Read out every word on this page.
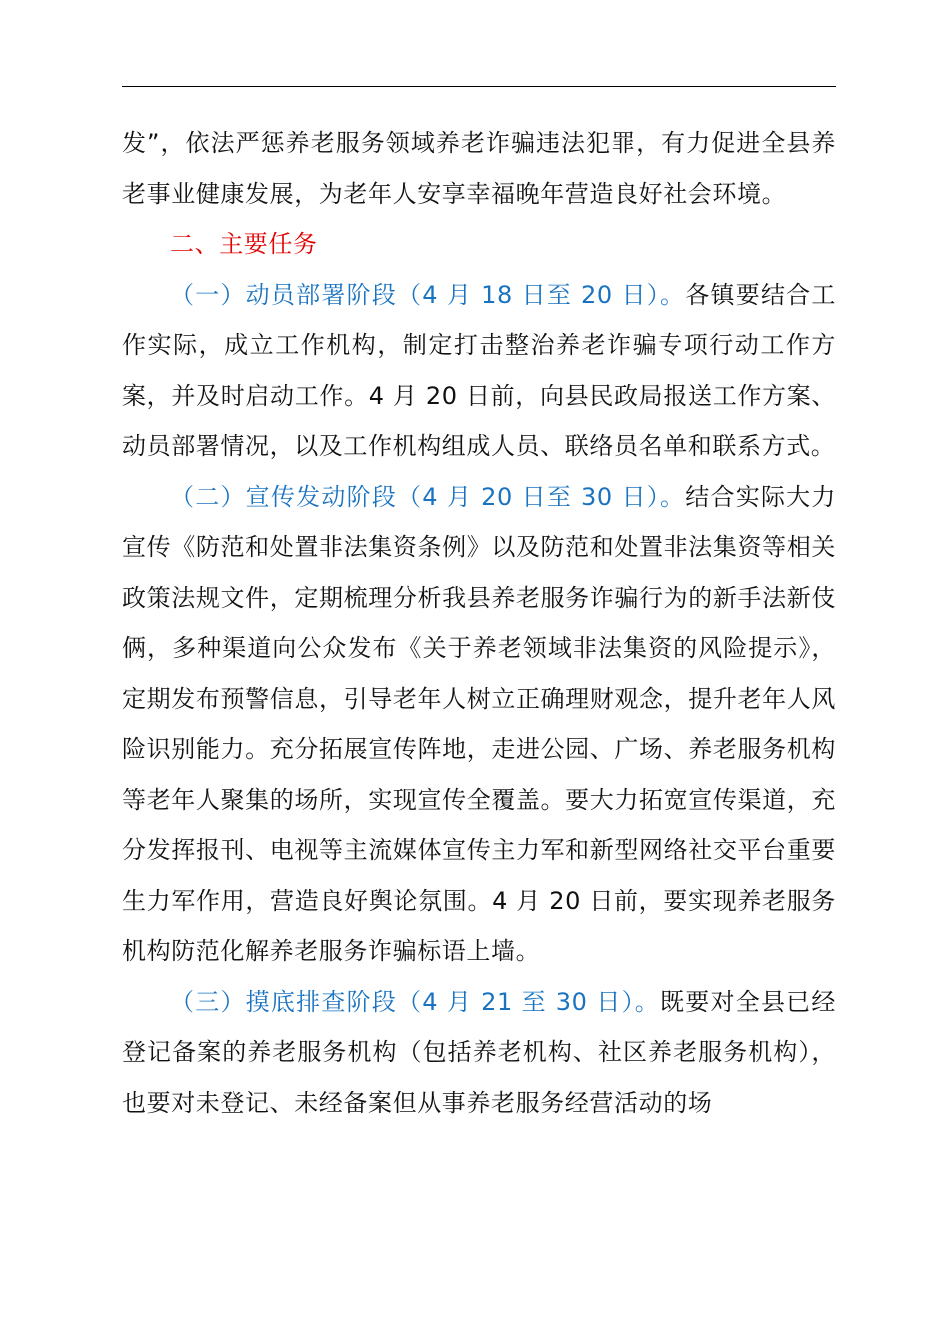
发”，依法严惩养老服务领域养老诈骗违法犯罪，有力促进全县养老事业健康发展，为老年人安享幸福晚年营造良好社会环境。

二、主要任务

（一）动员部署阶段（4 月 18 日至 20 日）。各镇要结合工作实际，成立工作机构，制定打击整治养老诈骗专项行动工作方案，并及时启动工作。4 月 20 日前，向县民政局报送工作方案、动员部署情况，以及工作机构组成人员、联络员名单和联系方式。

（二）宣传发动阶段（4 月 20 日至 30 日）。结合实际大力宣传《防范和处置非法集资条例》以及防范和处置非法集资等相关政策法规文件，定期梳理分析我县养老服务诈骗行为的新手法新伎俩，多种渠道向公众发布《关于养老领域非法集资的风险提示》，定期发布预警信息，引导老年人树立正确理财观念，提升老年人风险识别能力。充分拓展宣传阵地，走进公园、广场、养老服务机构等老年人聚集的场所，实现宣传全覆盖。要大力拓宽宣传渠道，充分发挥报刊、电视等主流媒体宣传主力军和新型网络社交平台重要生力军作用，营造良好舆论氛围。4 月 20 日前，要实现养老服务机构防范化解养老服务诈骗标语上墙。

（三）摸底排查阶段（4 月 21 至 30 日）。既要对全县已经登记备案的养老服务机构（包括养老机构、社区养老服务机构），也要对未登记、未经备案但从事养老服务经营活动的场
